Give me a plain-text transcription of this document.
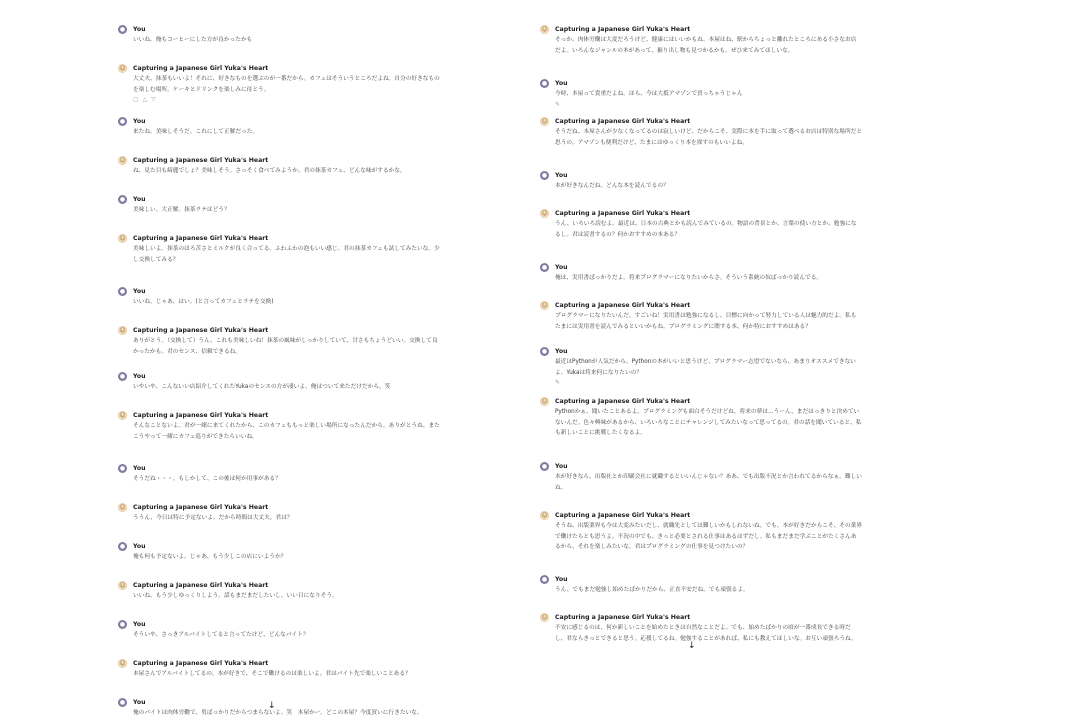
●	You
いいね。俺もコーヒーにした方が良かったかも
☺ Capturing a Japanese Girl Yuka's Heart
大丈夫、抹茶もいいよ！それに、好きなものを選ぶのが一番だから。カフェはそういうところだよね。自分の好きなものを楽しむ場所。ケーキとドリンクを楽しみに待とう。
▢ △ ▽
●	You
来たね。美味しそうだ。これにして正解だった。
☺ Capturing a Japanese Girl Yuka's Heart
ね、見た目も綺麗でしょ？美味しそう。さっそく食べてみようか。君の抹茶カフェ、どんな味がするかな。
●	You
美味しい。大正解。抹茶ラテはどう？
☺ Capturing a Japanese Girl Yuka's Heart
美味しいよ。抹茶のほろ苦さとミルクが良く合ってる。ふわふわの泡もいい感じ。君の抹茶カフェも試してみたいな。少し交換してみる？
●	You
いいね。じゃあ、はい。(と言ってカフェとラテを交換)
☺ Capturing a Japanese Girl Yuka's Heart
ありがとう。（交換して）うん、これも美味しいね！抹茶の風味がしっかりしていて、甘さもちょうどいい。交換して良かったかも。君のセンス、信頼できるね。
●	You
いやいや、こんないい店紹介してくれたYukaのセンスの方が凄いよ。俺はついて来ただけだから。笑
☺ Capturing a Japanese Girl Yuka's Heart
そんなことないよ。君が一緒に来てくれたから、このカフェももっと楽しい場所になったんだから。ありがとうね。またこうやって一緒にカフェ巡りができたらいいね。
●	You
そうだね・・・。もしかして、この後は何か用事がある？
☺ Capturing a Japanese Girl Yuka's Heart
ううん、今日は特に予定ないよ。だから時間は大丈夫。君は？
●	You
俺も何も予定ないよ。じゃあ、もう少しこの店にいようか？
☺ Capturing a Japanese Girl Yuka's Heart
いいね、もう少しゆっくりしよう。話もまだまだしたいし、いい日になりそう。
●	You
そういや、さっきアルバイトしてると言ってたけど、どんなバイト？
☺ Capturing a Japanese Girl Yuka's Heart
本屋さんでアルバイトしてるの。本が好きで、そこで働けるのは楽しいよ。君はバイト先で楽しいことある？
●	You
俺のバイトは肉体労働で、男ばっかりだからつまらないよ。笑　本屋かー。どこの本屋？今度買いに行きたいな。
☺ Capturing a Japanese Girl Yuka's Heart
そっか、肉体労働は大変だろうけど、健康にはいいかもね。本屋はね、駅からちょっと離れたところにある小さなお店だよ。いろんなジャンルの本があって、掘り出し物も見つかるかも。ぜひ来てみてほしいな。
●	You
今時、本屋って貴重だよね。ほら、今は大抵アマゾンで買っちゃうじゃん
✎
☺ Capturing a Japanese Girl Yuka's Heart
そうだね、本屋さんが少なくなってるのは寂しいけど、だからこそ、実際に本を手に取って選べるお店は特別な場所だと思うの。アマゾンも便利だけど、たまにはゆっくり本を探すのもいいよね。
●	You
本が好きなんだね。どんな本を読んでるの？
☺ Capturing a Japanese Girl Yuka's Heart
うん、いろいろ読むよ。最近は、日本の古典とかも読んでみているの。物語の背景とか、言葉の使い方とか、勉強になるし。君は読書するの？何かおすすめの本ある？
●	You
俺は、実用書ばっかりだよ。将来プログラマーになりたいからさ。そういう系統の奴ばっかり読んでる。
☺ Capturing a Japanese Girl Yuka's Heart
プログラマーになりたいんだ、すごいね！実用書は勉強になるし、目標に向かって努力している人は魅力的だよ。私もたまには実用書を読んでみるといいかもね。プログラミングに関する本、何か特におすすめはある？
●	You
最近はPythonが人気だから、Pythonの本がいいと思うけど、プログラマー志望でないなら、あまりオススメできないよ。Yukaは将来何になりたいの？
✎
☺ Capturing a Japanese Girl Yuka's Heart
Pythonかぁ、聞いたことあるよ。プログラミングも面白そうだけどね。将来の夢は…うーん、まだはっきりと決めていないんだ。色々興味があるから、いろいろなことにチャレンジしてみたいなって思ってるの。君の話を聞いていると、私も新しいことに挑戦したくなるよ。
●	You
本が好きなら、出版社とか印刷会社に就職するといいんじゃない？ああ、でも出版不況とか言われてるからなぁ。難しいね。
☺ Capturing a Japanese Girl Yuka's Heart
そうね、出版業界も今は大変みたいだし、就職先としては難しいかもしれないね。でも、本が好きだからこそ、その業界で働けたらとも思うよ。不況の中でも、きっと必要とされる仕事はあるはずだし。私もまだまだ学ぶことがたくさんあるから、それを楽しみたいな。君はプログラミングの仕事を見つけたいの？
●	You
うん、でもまだ勉強し始めたばかりだから、正直不安だね。でも頑張るよ。
☺ Capturing a Japanese Girl Yuka's Heart
不安に感じるのは、何か新しいことを始めたときは自然なことだよ。でも、始めたばかりの頃が一番成長できる時だし、君ならきっとできると思う。応援してるね。勉強することがあれば、私にも教えてほしいな。お互い頑張ろうね。
↓
↓
